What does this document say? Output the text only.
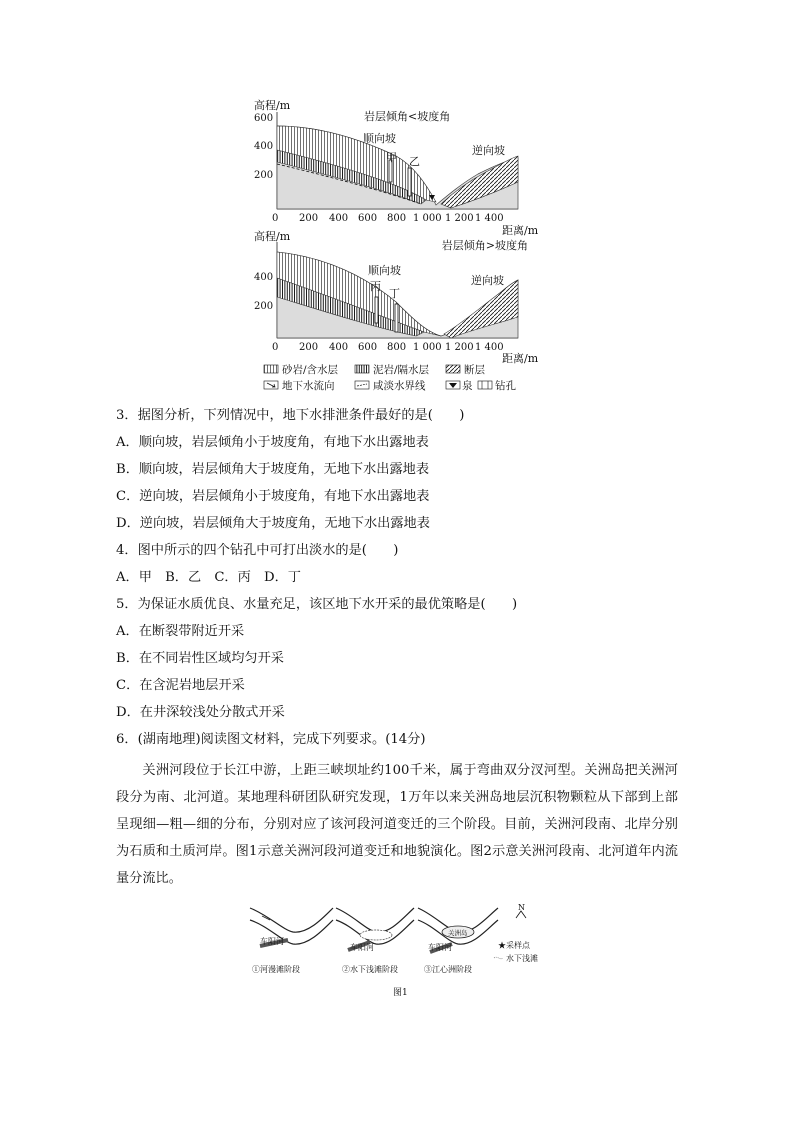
高程/m
岩层倾角<坡度角
600
400
200
顺向坡
逆向坡
甲 乙
0 200 400 600 800 1 000 1 200 1 400
距离/m
高程/m
岩层倾角>坡度角
400
200
顺向坡
逆向坡
丙
丁
0 200 400 600 800 1 000 1 200 1 400
距离/m
砂岩/含水层	泥岩/隔水层	断层
地下水流向	咸淡水界线	泉 钻孔
3．据图分析，下列情况中，地下水排泄条件最好的是(　　)
A．顺向坡，岩层倾角小于坡度角，有地下水出露地表
B．顺向坡，岩层倾角大于坡度角，无地下水出露地表
C．逆向坡，岩层倾角小于坡度角，有地下水出露地表
D．逆向坡，岩层倾角大于坡度角，无地下水出露地表
4．图中所示的四个钻孔中可打出淡水的是(　　)
A．甲　B．乙　C．丙　D．丁
5．为保证水质优良、水量充足，该区地下水开采的最优策略是(　　)
A．在断裂带附近开采
B．在不同岩性区域均匀开采
C．在含泥岩地层开采
D．在井深较浅处分散式开采
6．(湖南地理)阅读图文材料，完成下列要求。(14分)
关洲河段位于长江中游，上距三峡坝址约100千米，属于弯曲双分汊河型。关洲岛把关洲河段分为南、北河道。某地理科研团队研究发现，1万年以来关洲岛地层沉积物颗粒从下部到上部呈现细—粗—细的分布，分别对应了该河段河道变迁的三个阶段。目前，关洲河段南、北岸分别为石质和土质河岸。图1示意关洲河段河道变迁和地貌演化。图2示意关洲河段南、北河道年内流量分流比。
车阳河
①河漫滩阶段
车阳河
②水下浅滩阶段
关洲岛
车阳河
③江心洲阶段
N
★采样点
水下浅滩
图1
